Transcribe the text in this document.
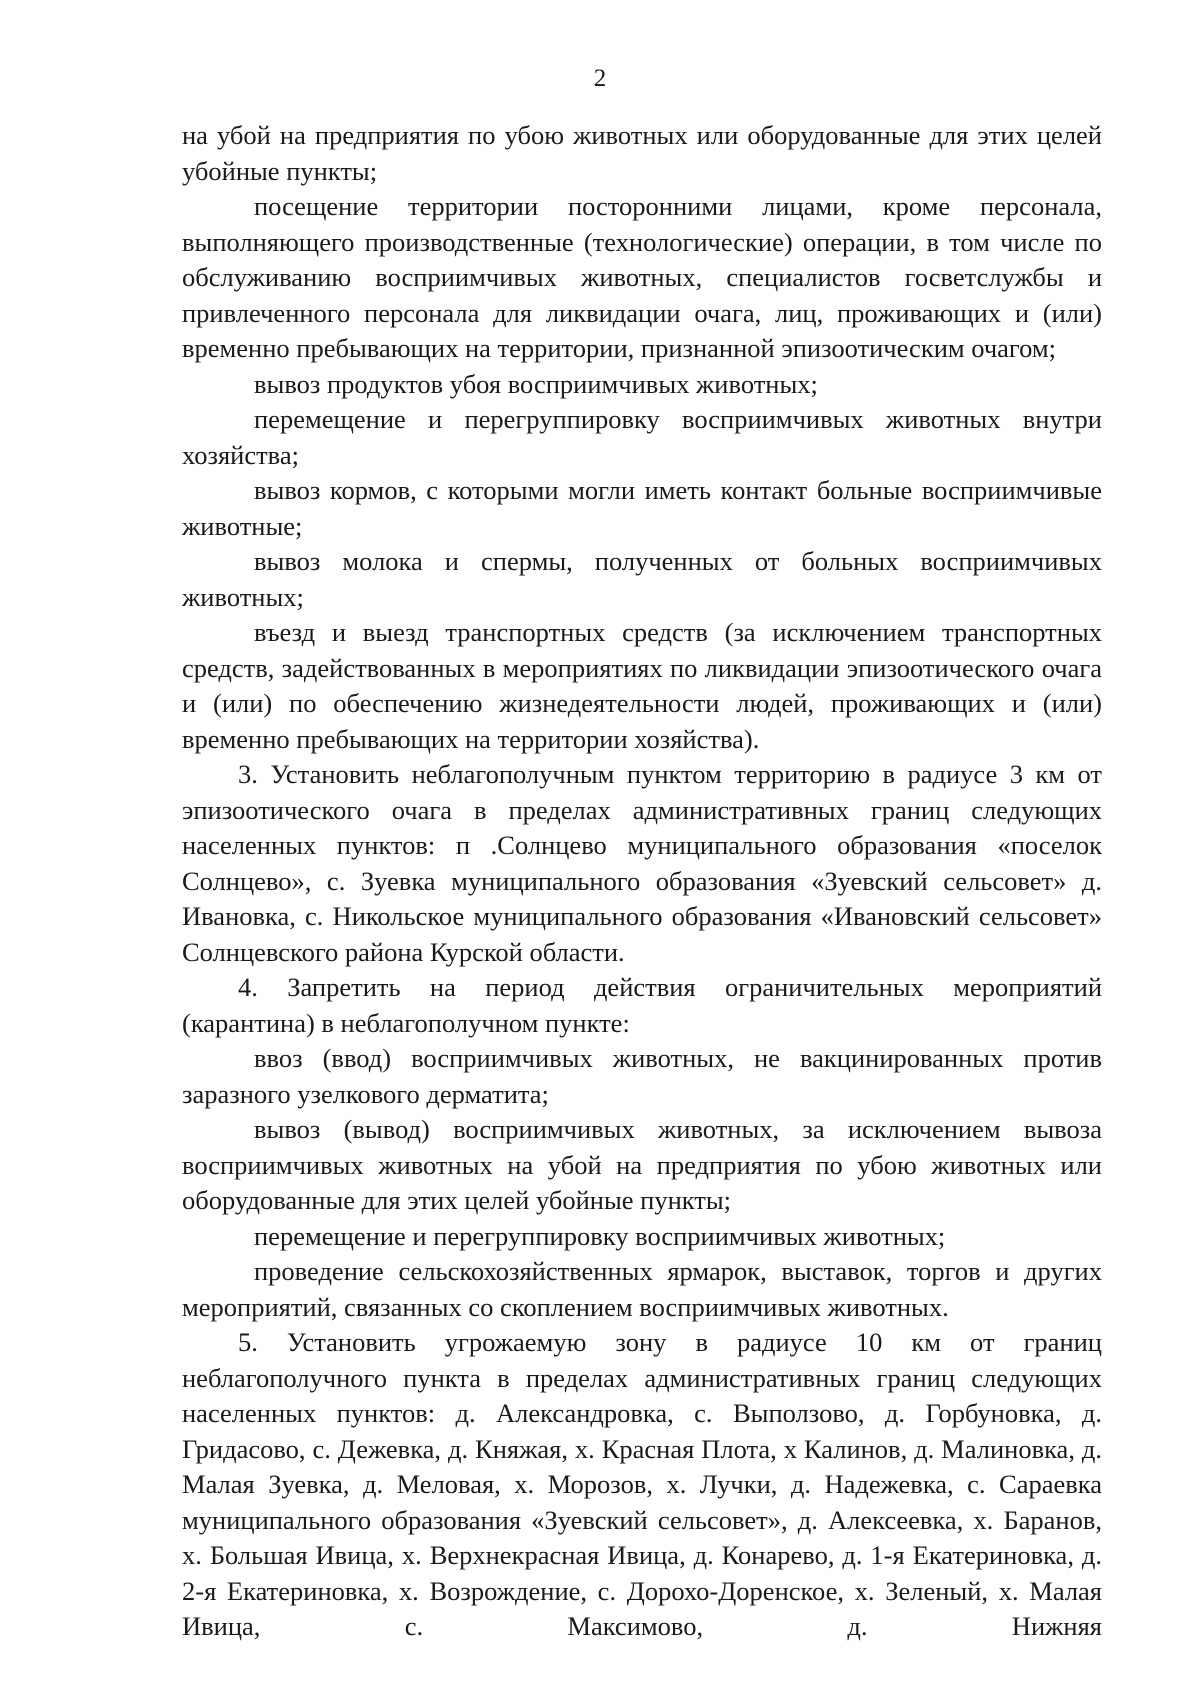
2

на убой на предприятия по убою животных или оборудованные для этих целей убойные пункты;

посещение территории посторонними лицами, кроме персонала, выполняющего производственные (технологические) операции, в том числе по обслуживанию восприимчивых животных, специалистов госветслужбы и привлеченного персонала для ликвидации очага, лиц, проживающих и (или) временно пребывающих на территории, признанной эпизоотическим очагом;

вывоз продуктов убоя восприимчивых животных;

перемещение и перегруппировку восприимчивых животных внутри хозяйства;

вывоз кормов, с которыми могли иметь контакт больные восприимчивые животные;

вывоз молока и спермы, полученных от больных восприимчивых животных;

въезд и выезд транспортных средств (за исключением транспортных средств, задействованных в мероприятиях по ликвидации эпизоотического очага и (или) по обеспечению жизнедеятельности людей, проживающих и (или) временно пребывающих на территории хозяйства).

3. Установить неблагополучным пунктом территорию в радиусе 3 км от эпизоотического очага в пределах административных границ следующих населенных пунктов: п .Солнцево муниципального образования «поселок Солнцево», с. Зуевка муниципального образования «Зуевский сельсовет» д. Ивановка, с. Никольское муниципального образования «Ивановский сельсовет» Солнцевского района Курской области.

4. Запретить на период действия ограничительных мероприятий (карантина) в неблагополучном пункте:

ввоз (ввод) восприимчивых животных, не вакцинированных против заразного узелкового дерматита;

вывоз (вывод) восприимчивых животных, за исключением вывоза восприимчивых животных на убой на предприятия по убою животных или оборудованные для этих целей убойные пункты;

перемещение и перегруппировку восприимчивых животных;

проведение сельскохозяйственных ярмарок, выставок, торгов и других мероприятий, связанных со скоплением восприимчивых животных.

5. Установить угрожаемую зону в радиусе 10 км от границ неблагополучного пункта в пределах административных границ следующих населенных пунктов: д. Александровка, с. Выползово, д. Горбуновка, д. Гридасово, с. Дежевка, д. Княжая, х. Красная Плота, х Калинов, д. Малиновка, д. Малая Зуевка, д. Меловая, х. Морозов, х. Лучки, д. Надежевка, с. Сараевка муниципального образования «Зуевский сельсовет», д. Алексеевка, х. Баранов, х. Большая Ивица, х. Верхнекрасная Ивица, д. Конарево, д. 1-я Екатериновка, д. 2-я Екатериновка, х. Возрождение, с. Дорохо-Доренское, х. Зеленый, х. Малая Ивица, с. Максимово, д. Нижняя
